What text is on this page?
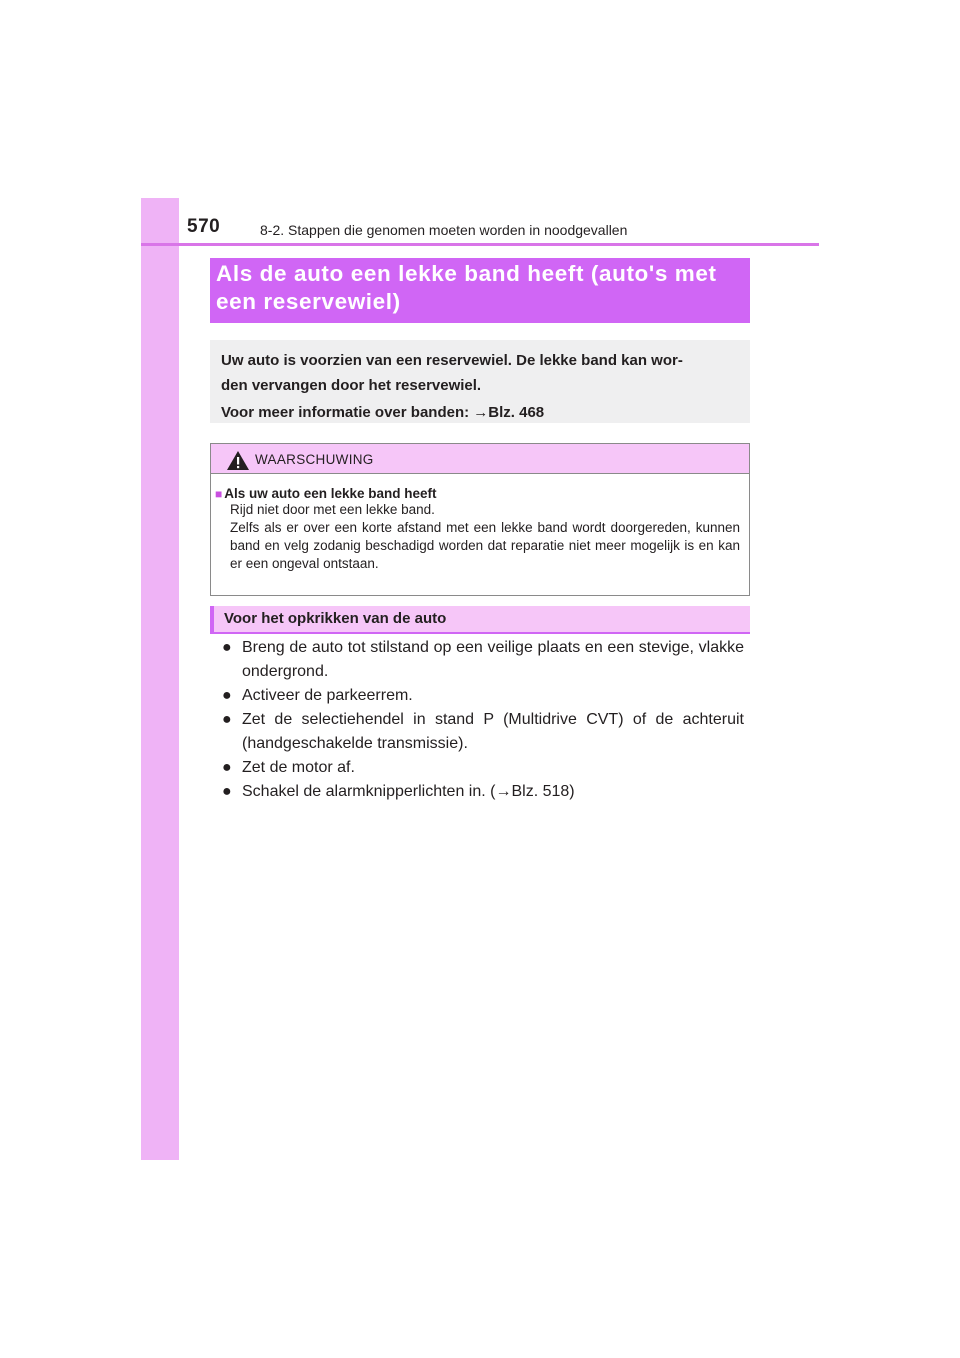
570	8-2. Stappen die genomen moeten worden in noodgevallen
Als de auto een lekke band heeft (auto's met een reservewiel)
Uw auto is voorzien van een reservewiel. De lekke band kan wor-
den vervangen door het reservewiel.
Voor meer informatie over banden: →Blz. 468
WAARSCHUWING
■ Als uw auto een lekke band heeft
Rijd niet door met een lekke band.
Zelfs als er over een korte afstand met een lekke band wordt doorgereden, kunnen band en velg zodanig beschadigd worden dat reparatie niet meer mogelijk is en kan er een ongeval ontstaan.
Voor het opkrikken van de auto
● Breng de auto tot stilstand op een veilige plaats en een stevige, vlakke ondergrond.
● Activeer de parkeerrem.
● Zet de selectiehendel in stand P (Multidrive CVT) of de achteruit (handgeschakelde transmissie).
● Zet de motor af.
● Schakel de alarmknipperlichten in. (→Blz. 518)
